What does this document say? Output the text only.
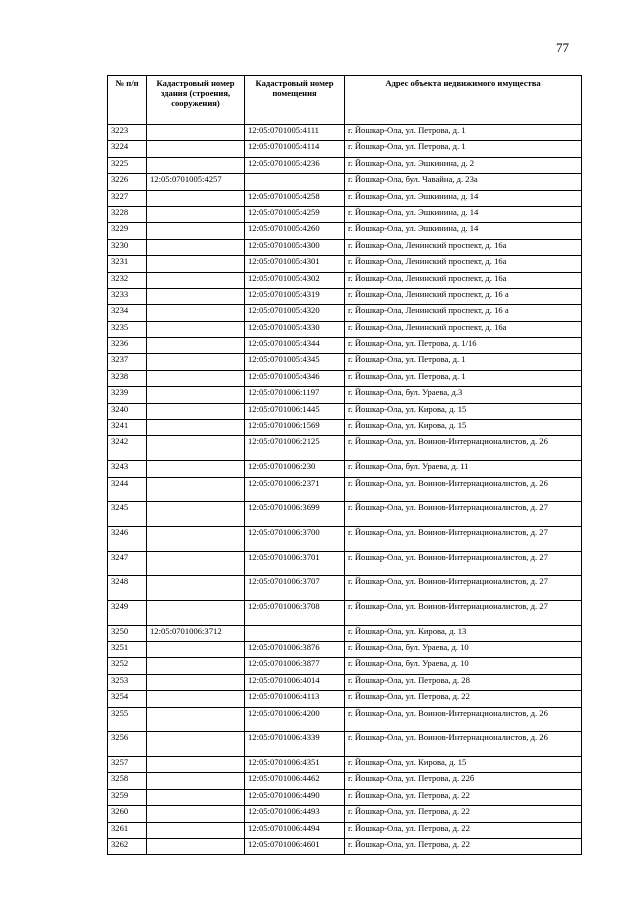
77
№ п/п	Кадастровый номер здания (строения, сооружения)	Кадастровый номер помещения	Адрес объекта недвижимого имущества
3223		12:05:0701005:4111	г. Йошкар-Ола, ул. Петрова, д. 1
3224		12:05:0701005:4114	г. Йошкар-Ола, ул. Петрова, д. 1
3225		12:05:0701005:4236	г. Йошкар-Ола, ул. Эшкинина, д. 2
3226	12:05:0701005:4257		г. Йошкар-Ола, бул. Чавайна, д. 23а
3227		12:05:0701005:4258	г. Йошкар-Ола, ул. Эшкинина, д. 14
3228		12:05:0701005:4259	г. Йошкар-Ола, ул. Эшкинина, д. 14
3229		12:05:0701005:4260	г. Йошкар-Ола, ул. Эшкинина, д. 14
3230		12:05:0701005:4300	г. Йошкар-Ола, Ленинский проспект, д. 16а
3231		12:05:0701005:4301	г. Йошкар-Ола, Ленинский проспект, д. 16а
3232		12:05:0701005:4302	г. Йошкар-Ола, Ленинский проспект, д. 16а
3233		12:05:0701005:4319	г. Йошкар-Ола, Ленинский проспект, д. 16 а
3234		12:05:0701005:4320	г. Йошкар-Ола, Ленинский проспект, д. 16 а
3235		12:05:0701005:4330	г. Йошкар-Ола, Ленинский проспект, д. 16а
3236		12:05:0701005:4344	г. Йошкар-Ола, ул. Петрова, д. 1/16
3237		12:05:0701005:4345	г. Йошкар-Ола, ул. Петрова, д. 1
3238		12:05:0701005:4346	г. Йошкар-Ола, ул. Петрова, д. 1
3239		12:05:0701006:1197	г. Йошкар-Ола, бул. Ураева, д.3
3240		12:05:0701006:1445	г. Йошкар-Ола, ул. Кирова, д. 15
3241		12:05:0701006:1569	г. Йошкар-Ола, ул. Кирова, д. 15
3242		12:05:0701006:2125	г. Йошкар-Ола, ул. Воинов-Интернационалистов, д. 26
3243		12:05:0701006:230	г. Йошкар-Ола, бул. Ураева, д. 11
3244		12:05:0701006:2371	г. Йошкар-Ола, ул. Воинов-Интернационалистов, д. 26
3245		12:05:0701006:3699	г. Йошкар-Ола, ул. Воинов-Интернационалистов, д. 27
3246		12:05:0701006:3700	г. Йошкар-Ола, ул. Воинов-Интернационалистов, д. 27
3247		12:05:0701006:3701	г. Йошкар-Ола, ул. Воинов-Интернационалистов, д. 27
3248		12:05:0701006:3707	г. Йошкар-Ола, ул. Воинов-Интернационалистов, д. 27
3249		12:05:0701006:3708	г. Йошкар-Ола, ул. Воинов-Интернационалистов, д. 27
3250	12:05:0701006:3712		г. Йошкар-Ола, ул. Кирова, д. 13
3251		12:05:0701006:3876	г. Йошкар-Ола, бул. Ураева, д. 10
3252		12:05:0701006:3877	г. Йошкар-Ола, бул. Ураева, д. 10
3253		12:05:0701006:4014	г. Йошкар-Ола, ул. Петрова, д. 28
3254		12:05:0701006:4113	г. Йошкар-Ола, ул. Петрова, д. 22
3255		12:05:0701006:4200	г. Йошкар-Ола, ул. Воинов-Интернационалистов, д. 26
3256		12:05:0701006:4339	г. Йошкар-Ола, ул. Воинов-Интернационалистов, д. 26
3257		12:05:0701006:4351	г. Йошкар-Ола, ул. Кирова, д. 15
3258		12:05:0701006:4462	г. Йошкар-Ола, ул. Петрова, д. 22б
3259		12:05:0701006:4490	г. Йошкар-Ола, ул. Петрова, д. 22
3260		12:05:0701006:4493	г. Йошкар-Ола, ул. Петрова, д. 22
3261		12:05:0701006:4494	г. Йошкар-Ола, ул. Петрова, д. 22
3262		12:05:0701006:4601	г. Йошкар-Ола, ул. Петрова, д. 22
